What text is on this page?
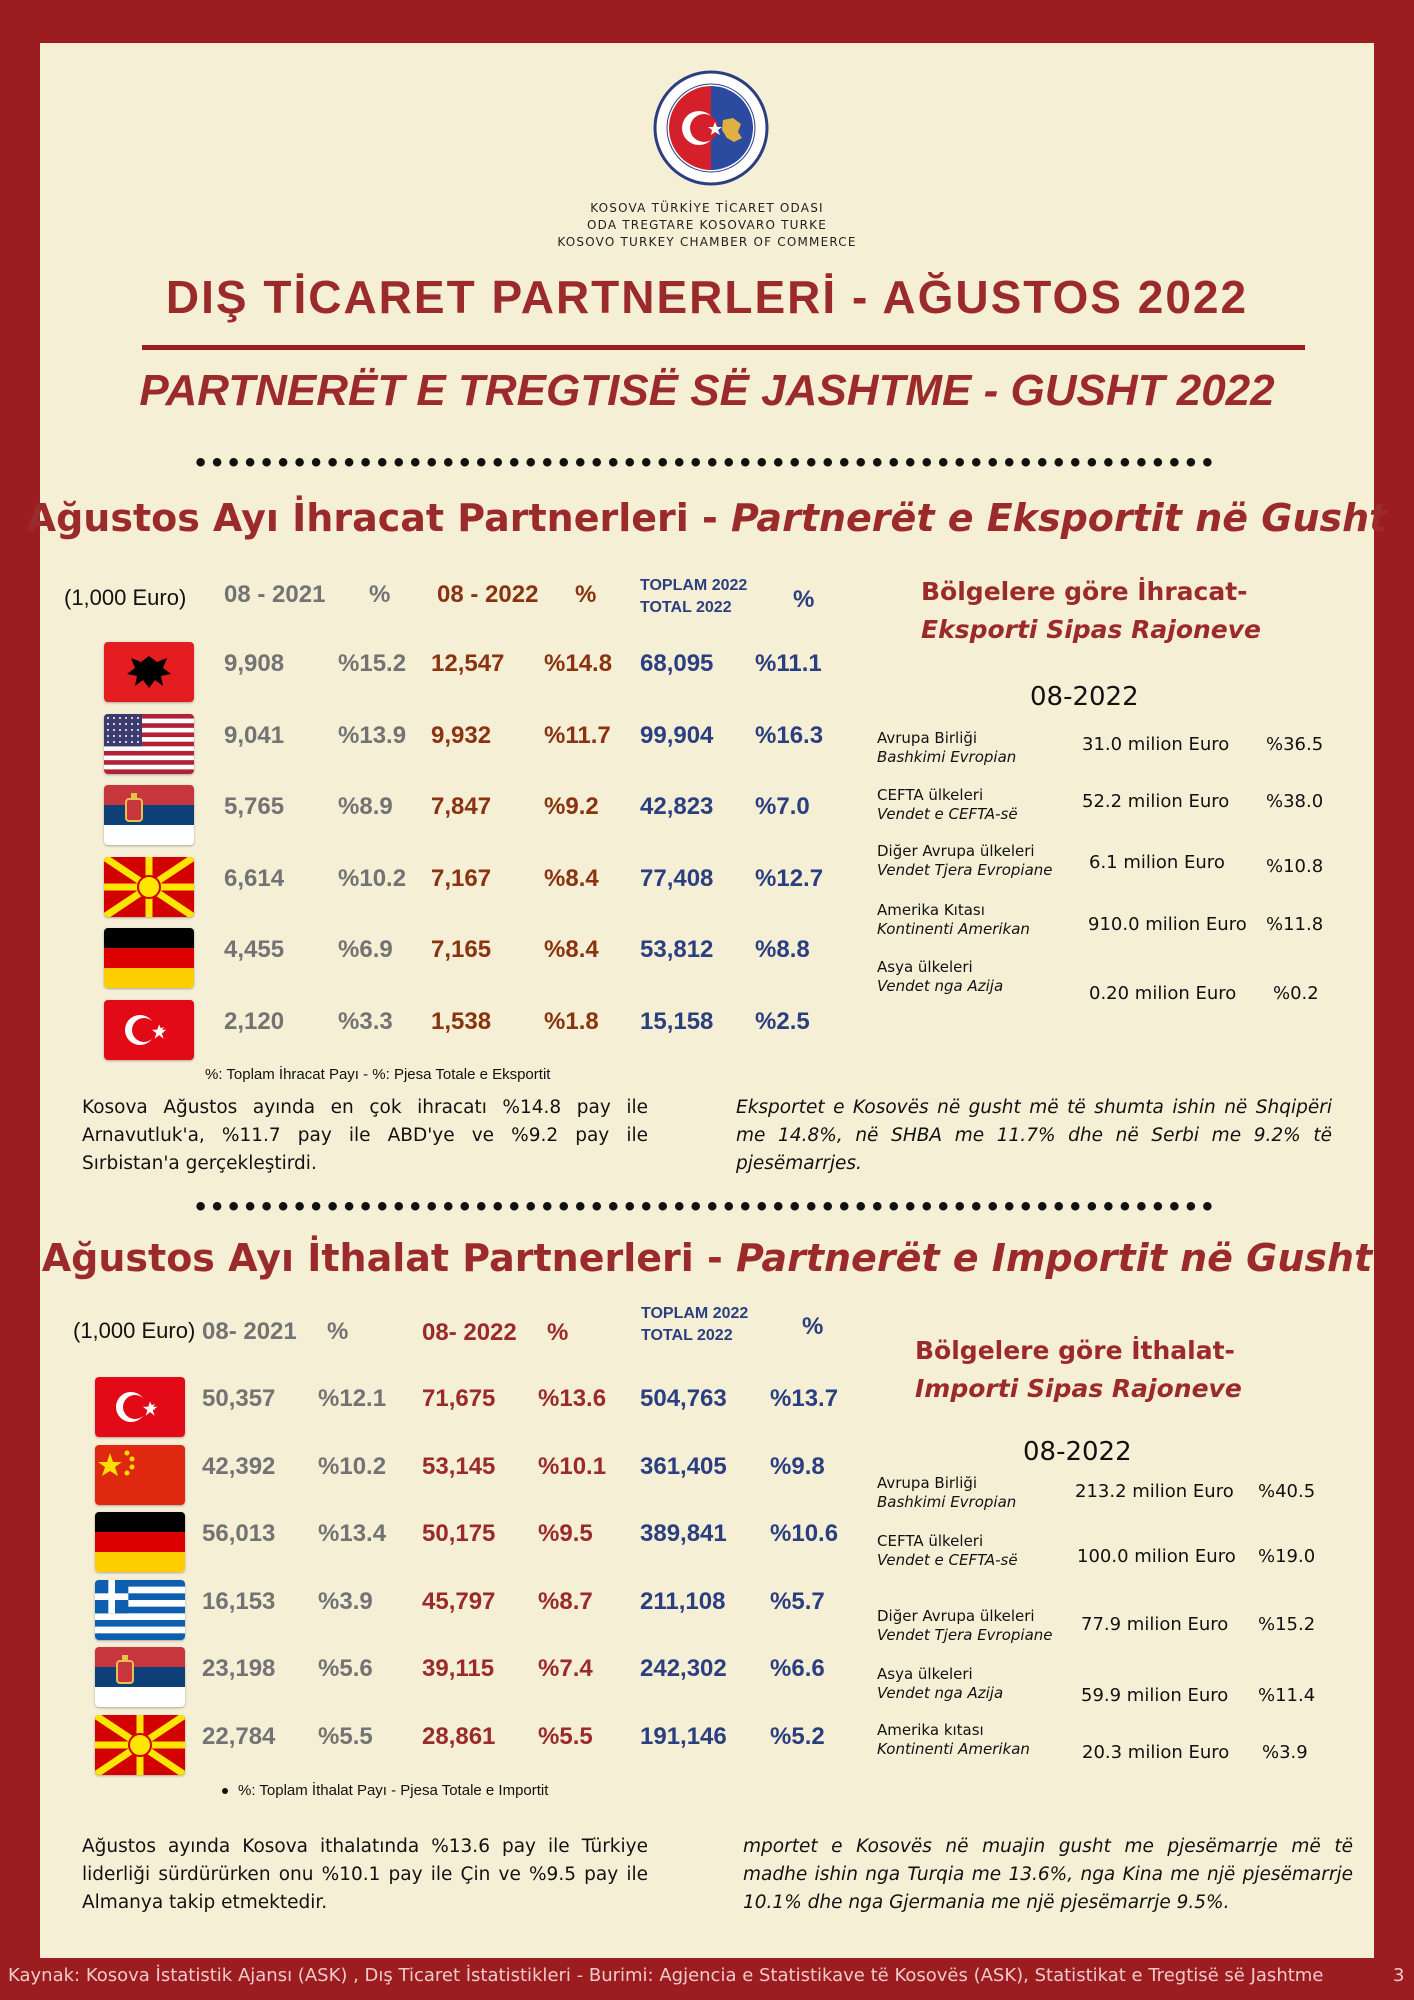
KOSOVA TÜRKİYE TİCARET ODASI
ODA TREGTARE KOSOVARO TURKE
KOSOVO TURKEY CHAMBER OF COMMERCE
DIŞ TİCARET PARTNERLERİ - AĞUSTOS 2022
PARTNERËT E TREGTISË SË JASHTME - GUSHT 2022
••••••••••••••••••••••••••••••••••••••••••••••••••••••••••••••
Ağustos Ayı İhracat Partnerleri - Partnerët e Eksportit në Gusht
(1,000 Euro) 08 - 2021 % 08 - 2022 %	TOPLAM 2022
TOTAL 2022	%
9,908 %15.2 12,547 %14.8 68,095 %11.1
9,041 %13.9 9,932 %11.7 99,904 %16.3
5,765 %8.9 7,847 %9.2 42,823 %7.0
6,614 %10.2 7,167 %8.4 77,408 %12.7
4,455 %6.9 7,165 %8.4 53,812 %8.8
2,120 %3.3 1,538 %1.8 15,158 %2.5
%: Toplam İhracat Payı - %: Pjesa Totale e Eksportit
Bölgelere göre İhracat-
Eksporti Sipas Rajoneve
08-2022
Avrupa Birliği
Bashkimi Evropian
31.0 milion Euro %36.5
CEFTA ülkeleri
Vendet e CEFTA-së
52.2 milion Euro %38.0
Diğer Avrupa ülkeleri
Vendet Tjera Evropiane 6.1 milion Euro %10.8
Amerika Kıtası
Kontinenti Amerikan	910.0 milion Euro %11.8
Asya ülkeleri
Vendet nga Azija	0.20 milion Euro %0.2
Kosova Ağustos ayında en çok ihracatı %14.8 pay ile Arnavutluk'a, %11.7 pay ile ABD'ye ve %9.2 pay ile Sırbistan'a gerçekleştirdi.
Eksportet e Kosovës në gusht më të shumta ishin në Shqipëri me 14.8%, në SHBA me 11.7% dhe në Serbi me 9.2% të pjesëmarrjes.
••••••••••••••••••••••••••••••••••••••••••••••••••••••••••••••
Ağustos Ayı İthalat Partnerleri - Partnerët e Importit në Gusht
(1,000 Euro) 08- 2021 %	08- 2022 %
TOPLAM 2022
TOTAL 2022	%
50,357 %12.1 71,675 %13.6 504,763 %13.7
42,392 %10.2 53,145 %10.1 361,405 %9.8
56,013 %13.4 50,175 %9.5 389,841 %10.6
16,153 %3.9 45,797 %8.7 211,108 %5.7
23,198 %5.6 39,115 %7.4 242,302 %6.6
22,784 %5.5 28,861 %5.5 191,146 %5.2
%: Toplam İthalat Payı - Pjesa Totale e Importit
Bölgelere göre İthalat-
Importi Sipas Rajoneve
08-2022
Avrupa Birliği
Bashkimi Evropian	213.2 milion Euro %40.5
CEFTA ülkeleri
Vendet e CEFTA-së	100.0 milion Euro %19.0
Diğer Avrupa ülkeleri
Vendet Tjera Evropiane 77.9 milion Euro %15.2
Asya ülkeleri
Vendet nga Azija	59.9 milion Euro %11.4
Amerika kıtası
Kontinenti Amerikan	20.3 milion Euro %3.9
Ağustos ayında Kosova ithalatında %13.6 pay ile Türkiye liderliği sürdürürken onu %10.1 pay ile Çin ve %9.5 pay ile Almanya takip etmektedir.
mportet e Kosovës në muajin gusht me pjesëmarrje më të madhe ishin nga Turqia me 13.6%, nga Kina me një pjesëmarrje 10.1% dhe nga Gjermania me një pjesëmarrje 9.5%.
Kaynak: Kosova İstatistik Ajansı (ASK) , Dış Ticaret İstatistikleri - Burimi: Agjencia e Statistikave të Kosovës (ASK), Statistikat e Tregtisë së Jashtme	3
